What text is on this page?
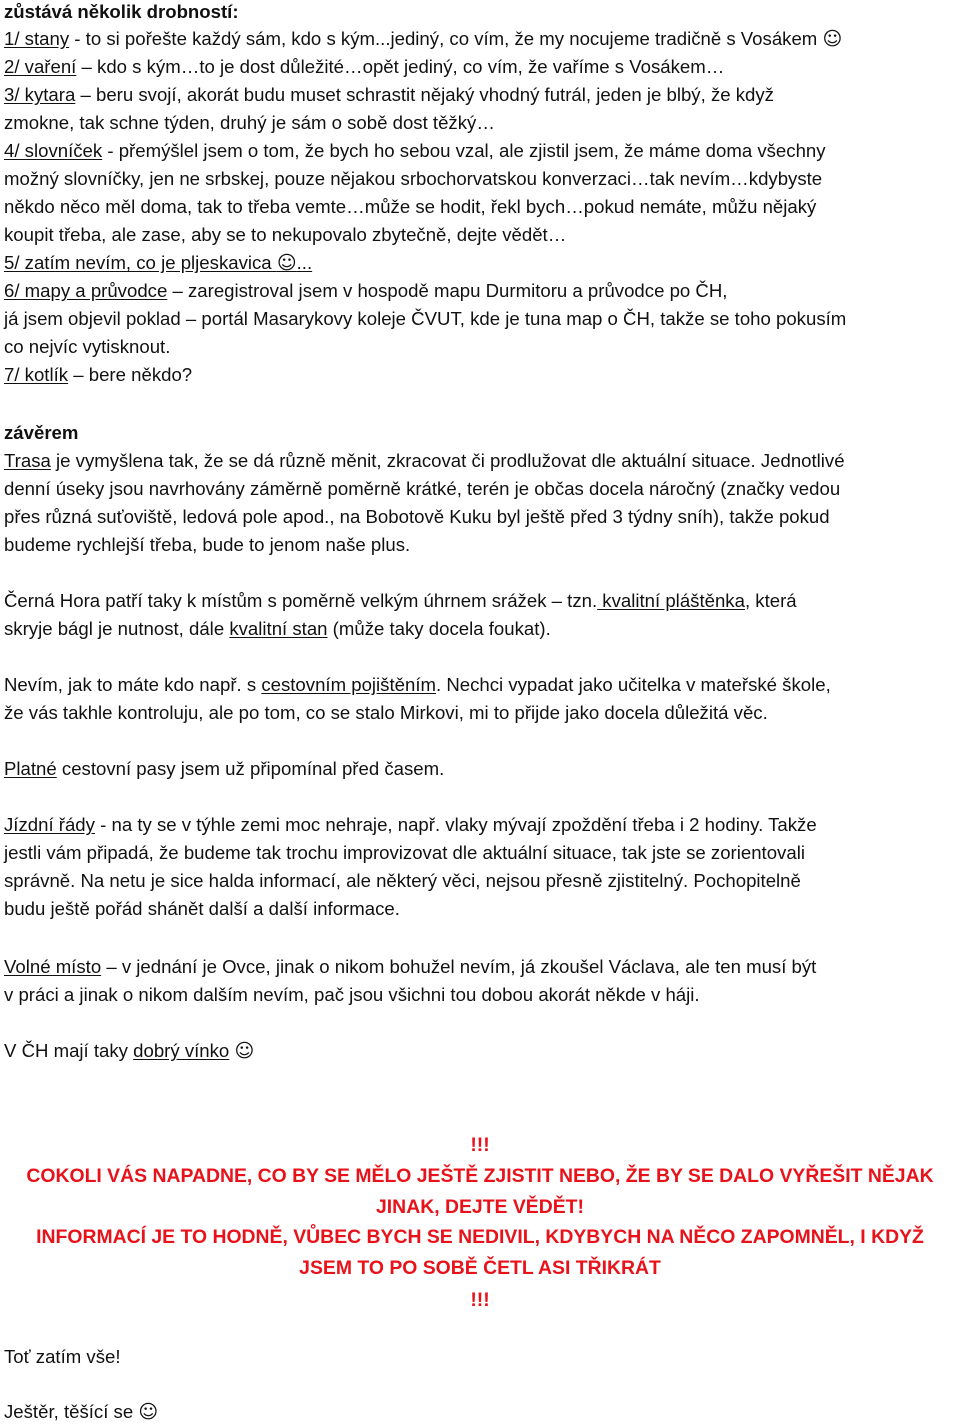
zůstává několik drobností:
1/ stany - to si pořešte každý sám, kdo s kým...jediný, co vím, že my nocujeme tradičně s Vosákem ☺
2/ vaření – kdo s kým…to je dost důležité…opět jediný, co vím, že vaříme s Vosákem…
3/ kytara – beru svojí, akorát budu muset schrastit nějaký vhodný futrál, jeden je blbý, že když
zmokne, tak schne týden, druhý je sám o sobě dost těžký…
4/ slovníček - přemýšlel jsem o tom, že bych ho sebou vzal, ale zjistil jsem, že máme doma všechny
možný slovníčky, jen ne srbskej, pouze nějakou srbochorvatskou konverzaci…tak nevím…kdybyste
někdo něco měl doma, tak to třeba vemte…může se hodit, řekl bych…pokud nemáte, můžu nějaký
koupit třeba, ale zase, aby se to nekupovalo zbytečně, dejte vědět…
5/ zatím nevím, co je pljeskavica ☺...
6/ mapy a průvodce – zaregistroval jsem v hospodě mapu Durmitoru a průvodce po ČH,
já jsem objevil poklad – portál Masarykovy koleje ČVUT, kde je tuna map o ČH, takže se toho pokusím
co nejvíc vytisknout.
7/ kotlík – bere někdo?
závěrem
Trasa je vymyšlena tak, že se dá různě měnit, zkracovat či prodlužovat dle aktuální situace. Jednotlivé
denní úseky jsou navrhovány záměrně poměrně krátké, terén je občas docela náročný (značky vedou
přes různá suťoviště, ledová pole apod., na Bobotově Kuku byl ještě před 3 týdny sníh), takže pokud
budeme rychlejší třeba, bude to jenom naše plus.
Černá Hora patří taky k místům s poměrně velkým úhrnem srážek – tzn. kvalitní pláštěnka, která
skryje bágl je nutnost, dále kvalitní stan (může taky docela foukat).
Nevím, jak to máte kdo např. s cestovním pojištěním. Nechci vypadat jako učitelka v mateřské škole,
že vás takhle kontroluju, ale po tom, co se stalo Mirkovi, mi to přijde jako docela důležitá věc.
Platné cestovní pasy jsem už připomínal před časem.
Jízdní řády - na ty se v týhle zemi moc nehraje, např. vlaky mývají zpoždění třeba i 2 hodiny. Takže
jestli vám připadá, že budeme tak trochu improvizovat dle aktuální situace, tak jste se zorientovali
správně. Na netu je sice halda informací, ale některý věci, nejsou přesně zjistitelný. Pochopitelně
budu ještě pořád shánět další a další informace.
Volné místo – v jednání je Ovce, jinak o nikom bohužel nevím, já zkoušel Václava, ale ten musí být
v práci a jinak o nikom dalším nevím, pač jsou všichni tou dobou akorát někde v háji.
V ČH mají taky dobrý vínko ☺
!!!
COKOLI VÁS NAPADNE, CO BY SE MĚLO JEŠTĚ ZJISTIT NEBO, ŽE BY SE DALO VYŘEŠIT NĚJAK
JINAK, DEJTE VĚDĚT!
INFORMACÍ JE TO HODNĚ, VŮBEC BYCH SE NEDIVIL, KDYBYCH NA NĚCO ZAPOMNĚL, I KDYŽ
JSEM TO PO SOBĚ ČETL ASI TŘIKRÁT
!!!
Toť zatím vše!
Ještěr, těšící se ☺
